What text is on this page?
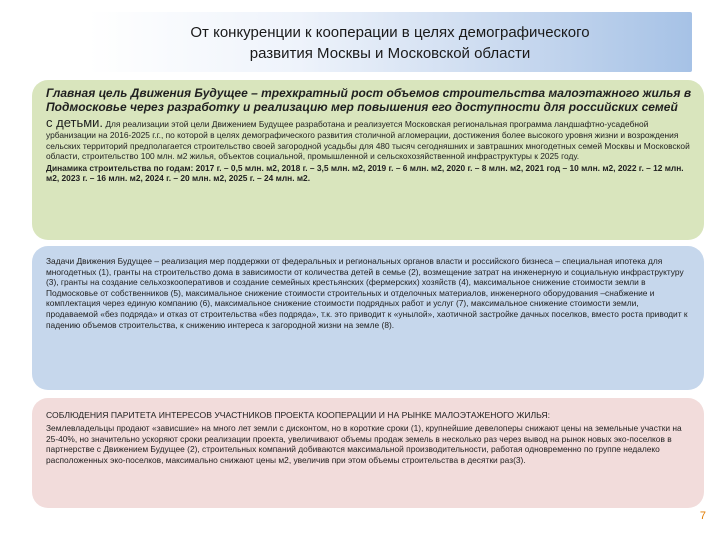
От конкуренции к кооперации в целях демографического
развития Москвы и Московской области
Главная цель Движения Будущее – трехкратный рост объемов строительства малоэтажного жилья в
Подмосковье через разработку и реализацию мер повышения его доступности для российских семей
с детьми. Для реализации этой цели Движением Будущее разработана и реализуется Московская региональная программа ландшафтно-усадебной урбанизации на 2016-2025 г.г., по которой в целях демографического развития столичной агломерации, достижения более высокого уровня жизни и возрождения сельских территорий предполагается строительство своей загородной усадьбы для 480 тысяч сегодняшних и завтрашних многодетных семей Москвы и Московской области, строительство 100 млн. м2 жилья, объектов социальной, промышленной и сельскохозяйственной инфраструктуры к 2025 году.
Динамика строительства по годам: 2017 г. – 0,5 млн. м2, 2018 г. – 3,5 млн. м2, 2019 г. – 6 млн. м2, 2020 г. – 8 млн. м2, 2021 год – 10 млн. м2, 2022 г. – 12 млн. м2, 2023 г. – 16 млн. м2, 2024 г. – 20 млн. м2, 2025 г. – 24 млн. м2.
Задачи Движения Будущее – реализация мер поддержки от федеральных и региональных органов власти и российского бизнеса – специальная ипотека для многодетных (1), гранты на строительство дома в зависимости от количества детей в семье (2), возмещение затрат на инженерную и социальную инфраструктуру (3), гранты на создание сельхозкооперативов и создание семейных крестьянских (фермерских) хозяйств (4), максимальное снижение стоимости земли в Подмосковье от собственников (5), максимальное снижение стоимости строительных и отделочных материалов, инженерного оборудования –снабжение и комплектация через единую компанию (6), максимальное снижение стоимости подрядных работ и услуг (7), максимальное снижение стоимости земли, продаваемой «без подряда» и отказ от строительства «без подряда», т.к. это приводит к «унылой», хаотичной застройке дачных поселков, вместо роста приводит к падению объемов строительства, к снижению интереса к загородной жизни на земле (8).
СОБЛЮДЕНИЯ ПАРИТЕТА ИНТЕРЕСОВ УЧАСТНИКОВ ПРОЕКТА КООПЕРАЦИИ И НА РЫНКЕ МАЛОЭТАЖЕНОГО ЖИЛЬЯ:
Землевладельцы продают «зависшие» на много лет земли с дисконтом, но в короткие сроки (1), крупнейшие девелоперы снижают цены на земельные участки на 25-40%, но значительно ускоряют сроки реализации проекта, увеличивают объемы продаж земель в несколько раз через вывод на рынок новых эко-поселков в партнерстве с Движением Будущее (2), строительных компаний добиваются максимальной производительности, работая одновременно по группе недалеко расположенных эко-поселков, максимально снижают цены м2, увеличив при этом объемы строительства в десятки раз(3).
7
